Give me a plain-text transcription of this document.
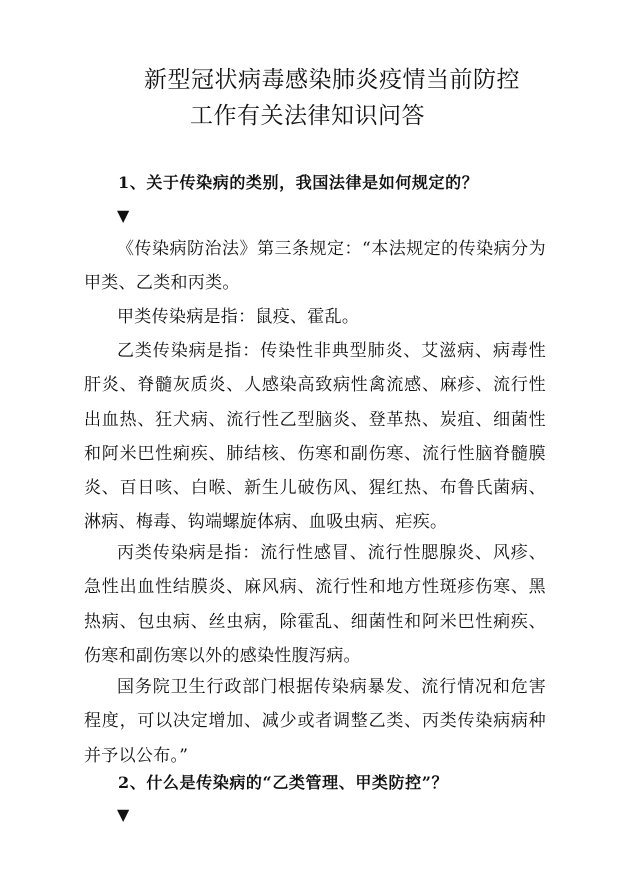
新型冠状病毒感染肺炎疫情当前防控
工作有关法律知识问答
1、关于传染病的类别，我国法律是如何规定的？
▼
《传染病防治法》第三条规定：“本法规定的传染病分为甲类、乙类和丙类。
甲类传染病是指：鼠疫、霍乱。
乙类传染病是指：传染性非典型肺炎、艾滋病、病毒性肝炎、脊髓灰质炎、人感染高致病性禽流感、麻疹、流行性出血热、狂犬病、流行性乙型脑炎、登革热、炭疽、细菌性和阿米巴性痢疾、肺结核、伤寒和副伤寒、流行性脑脊髓膜炎、百日咳、白喉、新生儿破伤风、猩红热、布鲁氏菌病、淋病、梅毒、钩端螺旋体病、血吸虫病、疟疾。
丙类传染病是指：流行性感冒、流行性腮腺炎、风疹、急性出血性结膜炎、麻风病、流行性和地方性斑疹伤寒、黑热病、包虫病、丝虫病，除霍乱、细菌性和阿米巴性痢疾、伤寒和副伤寒以外的感染性腹泻病。
国务院卫生行政部门根据传染病暴发、流行情况和危害程度，可以决定增加、减少或者调整乙类、丙类传染病病种并予以公布。”
2、什么是传染病的“乙类管理、甲类防控”？
▼
